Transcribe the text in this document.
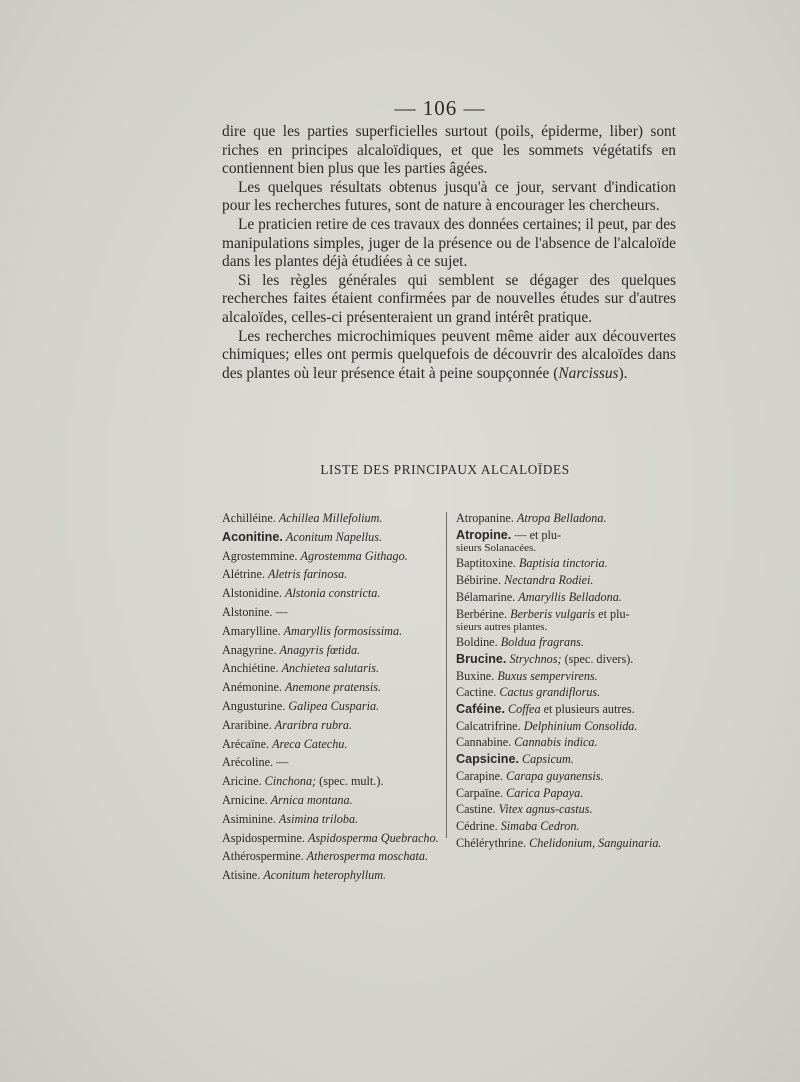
— 106 —

dire que les parties superficielles surtout (poils, épiderme, liber) sont riches en principes alcaloïdiques, et que les sommets végétatifs en contiennent bien plus que les parties âgées.

Les quelques résultats obtenus jusqu'à ce jour, servant d'indication pour les recherches futures, sont de nature à encourager les chercheurs.

Le praticien retire de ces travaux des données certaines; il peut, par des manipulations simples, juger de la présence ou de l'absence de l'alcaloïde dans les plantes déjà étudiées à ce sujet.

Si les règles générales qui semblent se dégager des quelques recherches faites étaient confirmées par de nouvelles études sur d'autres alcaloïdes, celles-ci présenteraient un grand intérêt pratique.

Les recherches microchimiques peuvent même aider aux découvertes chimiques; elles ont permis quelquefois de découvrir des alcaloïdes dans des plantes où leur présence était à peine soupçonnée (Narcissus).

LISTE DES PRINCIPAUX ALCALOÏDES
Achilléine. Achillea Millefolium.
Aconitine. Aconitum Napellus.
Agrostemmine. Agrostemma Githago.
Alétrine. Aletris farinosa.
Alstonidine. Alstonia constricta.
Alstonine. —
Amarylline. Amaryllis formosissima.
Anagyrine. Anagyris fœtida.
Anchiétine. Anchietea salutaris.
Anémonine. Anemone pratensis.
Angusturine. Galipea Cusparia.
Araribine. Araribra rubra.
Arécaïne. Areca Catechu.
Arécoline. —
Aricine. Cinchona; (spec. mult.).
Arnicine. Arnica montana.
Asiminine. Asimina triloba.
Aspidospermine. Aspidosperma Quebracho.
Athérospermine. Atherosperma moschata.
Atisine. Aconitum heterophyllum.
Atropanine. Atropa Belladona.
Atropine. — et plu-
sieurs Solanacées.
Baptitoxine. Baptisia tinctoria.
Bébirine. Nectandra Rodiei.
Bélamarine. Amaryllis Belladona.
Berbérine. Berberis vulgaris et plu-
sieurs autres plantes.
Boldine. Boldua fragrans.
Brucine. Strychnos; (spec. divers).
Buxine. Buxus sempervirens.
Cactine. Cactus grandiflorus.
Caféine. Coffea et plusieurs autres.
Calcatrifrine. Delphinium Consolida.
Cannabine. Cannabis indica.
Capsicine. Capsicum.
Carapine. Carapa guyanensis.
Carpaïne. Carica Papaya.
Castine. Vitex agnus-castus.
Cédrine. Simaba Cedron.
Chélérythrine. Chelidonium, Sanguinaria.
